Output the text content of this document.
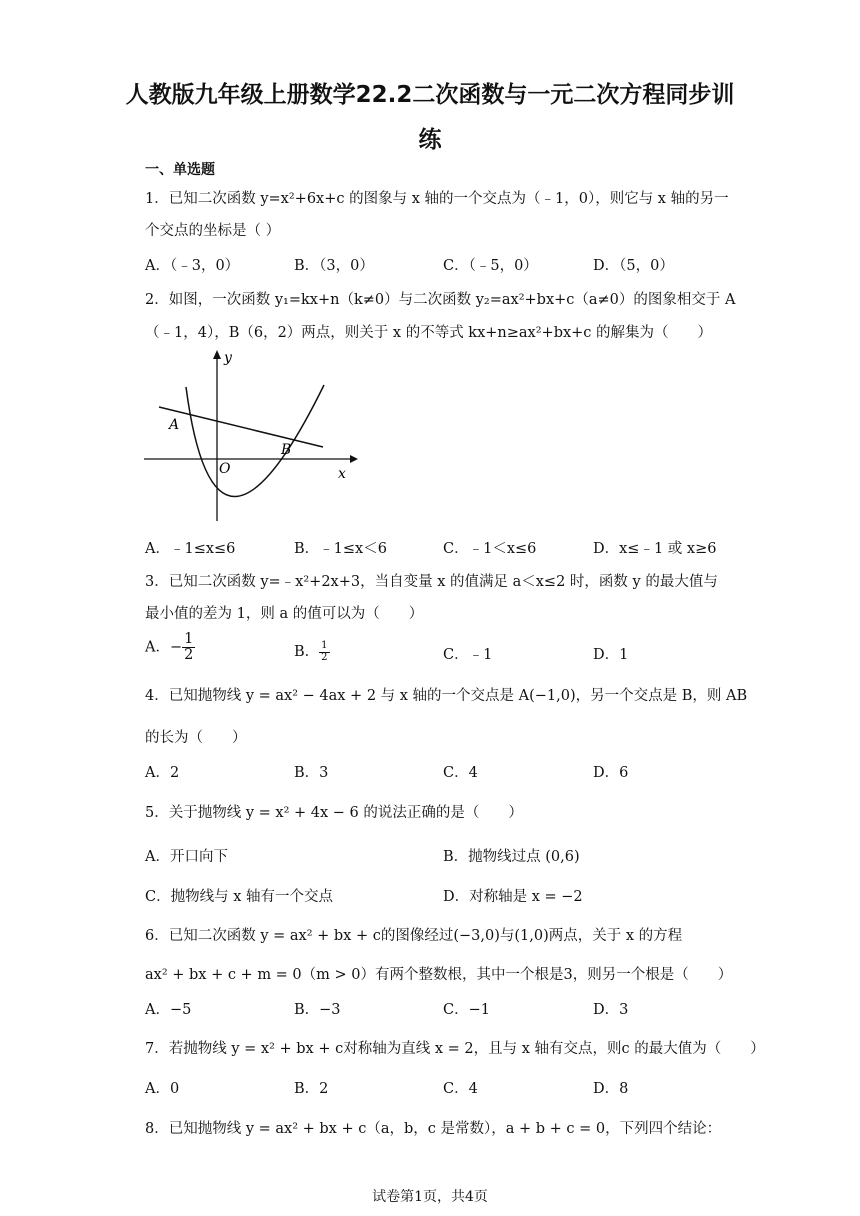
人教版九年级上册数学22.2二次函数与一元二次方程同步训
练
一、单选题
1．已知二次函数 y=x²+6x+c 的图象与 x 轴的一个交点为（﹣1，0），则它与 x 轴的另一
个交点的坐标是（ ）
A．（﹣3，0）	B．（3，0）	C．（﹣5，0）	D．（5，0）
2．如图，一次函数 y₁=kx+n（k≠0）与二次函数 y₂=ax²+bx+c（a≠0）的图象相交于 A
（﹣1，4），B（6，2）两点，则关于 x 的不等式 kx+n≥ax²+bx+c 的解集为（　　）
y
x
O
A
B
A．﹣1≤x≤6	B．﹣1≤x＜6	C．﹣1＜x≤6	D．x≤﹣1 或 x≥6
3．已知二次函数 y=﹣x²+2x+3，当自变量 x 的值满足 a＜x≤2 时，函数 y 的最大值与
最小值的差为 1，则 a 的值可以为（　　）
A．− $\frac{1}{2}$	B． $\frac{1}{2}$	C．﹣1	D．1
4．已知抛物线 y = ax² − 4ax + 2 与 x 轴的一个交点是 A(−1,0)，另一个交点是 B，则 AB
的长为（　　）
A．2	B．3	C．4	D．6
5．关于抛物线 y = x² + 4x − 6 的说法正确的是（　　）
A．开口向下	B．抛物线过点 (0,6)
C．抛物线与 x 轴有一个交点	D．对称轴是 x = −2
6．已知二次函数 y = ax² + bx + c的图像经过(−3,0)与(1,0)两点，关于 x 的方程
ax² + bx + c + m = 0（m > 0）有两个整数根，其中一个根是3，则另一个根是（　　）
A．−5	B．−3	C．−1	D．3
7．若抛物线 y = x² + bx + c对称轴为直线 x = 2，且与 x 轴有交点，则c 的最大值为（　　）
A．0	B．2	C．4	D．8
8．已知抛物线 y = ax² + bx + c（a，b，c 是常数），a + b + c = 0，下列四个结论：
试卷第1页，共4页
